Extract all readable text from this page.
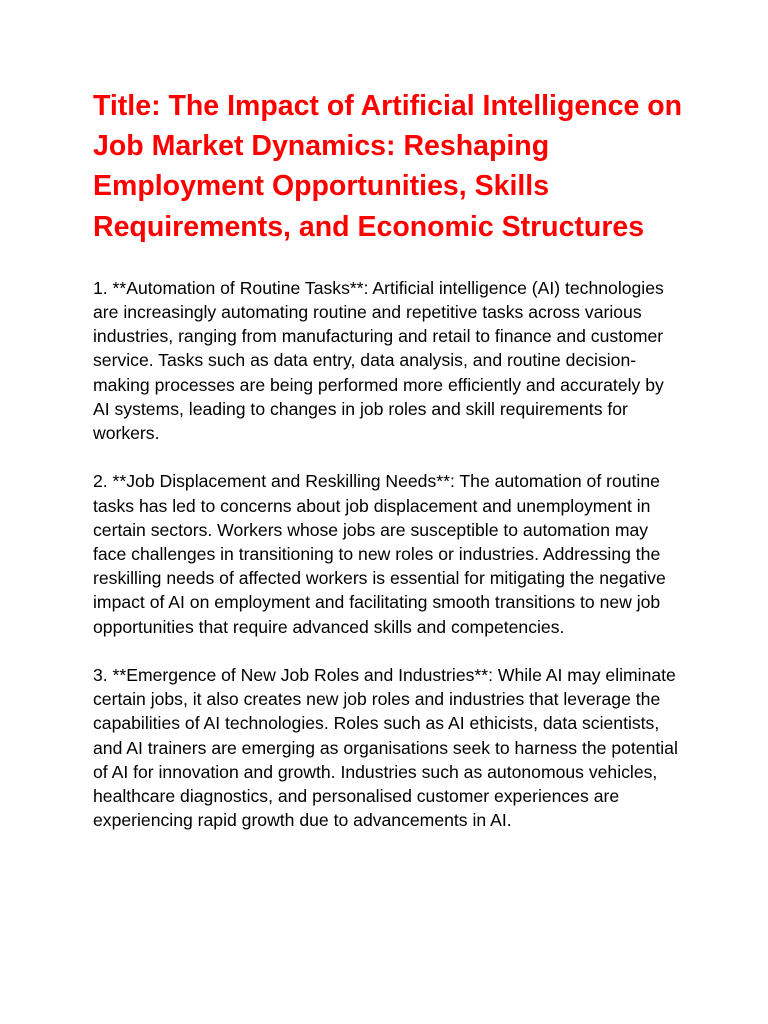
Title: The Impact of Artificial Intelligence on Job Market Dynamics: Reshaping Employment Opportunities, Skills Requirements, and Economic Structures

1. **Automation of Routine Tasks**: Artificial intelligence (AI) technologies are increasingly automating routine and repetitive tasks across various industries, ranging from manufacturing and retail to finance and customer service. Tasks such as data entry, data analysis, and routine decision-making processes are being performed more efficiently and accurately by AI systems, leading to changes in job roles and skill requirements for workers.

2. **Job Displacement and Reskilling Needs**: The automation of routine tasks has led to concerns about job displacement and unemployment in certain sectors. Workers whose jobs are susceptible to automation may face challenges in transitioning to new roles or industries. Addressing the reskilling needs of affected workers is essential for mitigating the negative impact of AI on employment and facilitating smooth transitions to new job opportunities that require advanced skills and competencies.

3. **Emergence of New Job Roles and Industries**: While AI may eliminate certain jobs, it also creates new job roles and industries that leverage the capabilities of AI technologies. Roles such as AI ethicists, data scientists, and AI trainers are emerging as organisations seek to harness the potential of AI for innovation and growth. Industries such as autonomous vehicles, healthcare diagnostics, and personalised customer experiences are experiencing rapid growth due to advancements in AI.
